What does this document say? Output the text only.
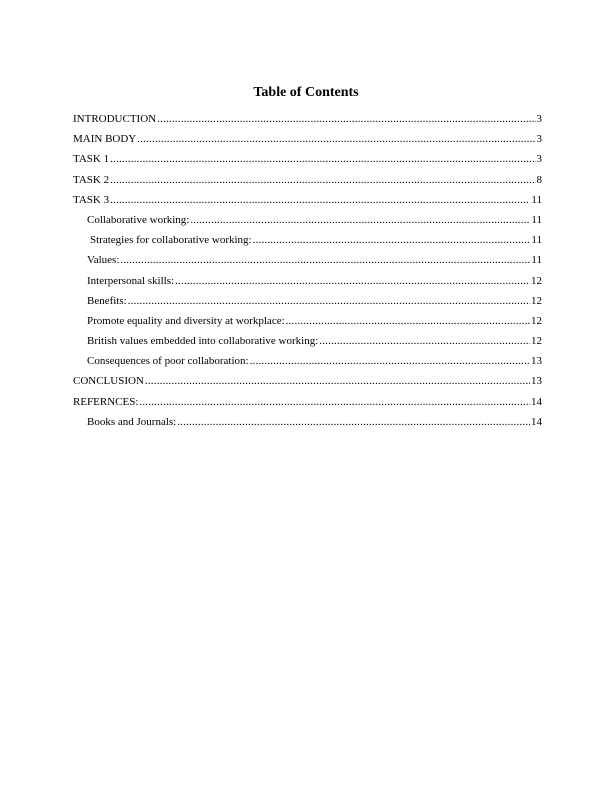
Table of Contents
INTRODUCTION .....	3
MAIN BODY .....	3
TASK 1 .....	3
TASK 2 .....	8
TASK 3 .....	11
Collaborative working: .....	11
Strategies for collaborative working: .....	11
Values: .....	11
Interpersonal skills: .....	12
Benefits: .....	12
Promote equality and diversity at workplace: .....	12
British values embedded into collaborative working: .....	12
Consequences of poor collaboration: .....	13
CONCLUSION .....	13
REFERNCES: .....	14
Books and Journals: .....	14
